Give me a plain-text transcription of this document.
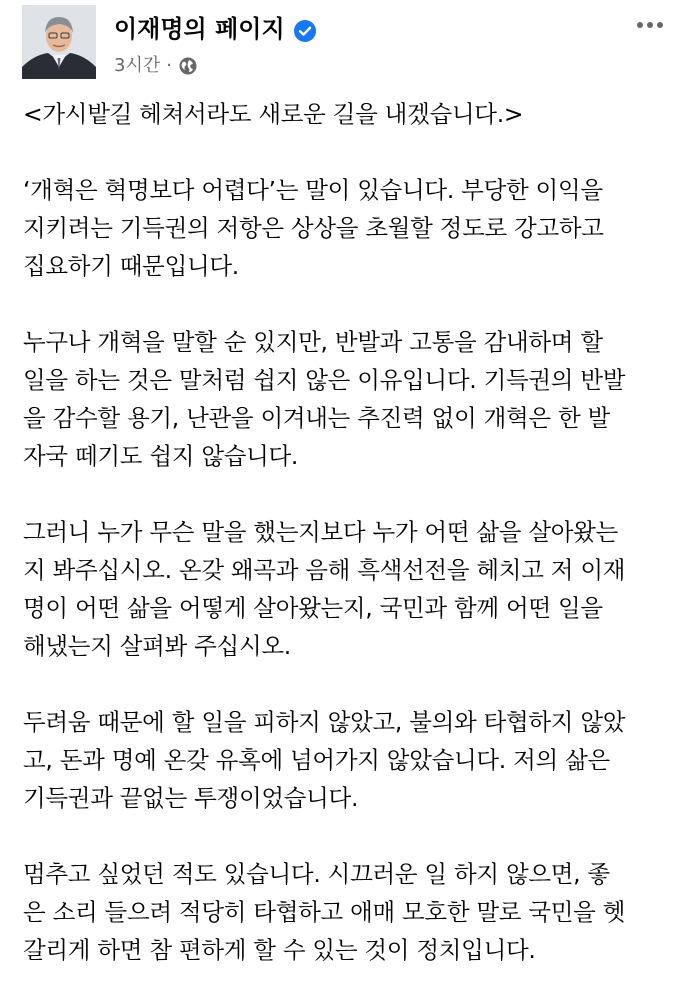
이재명의 페이지
3시간 ·

<가시밭길 헤쳐서라도 새로운 길을 내겠습니다.>

‘개혁은 혁명보다 어렵다’는 말이 있습니다. 부당한 이익을
지키려는 기득권의 저항은 상상을 초월할 정도로 강고하고
집요하기 때문입니다.

누구나 개혁을 말할 순 있지만, 반발과 고통을 감내하며 할
일을 하는 것은 말처럼 쉽지 않은 이유입니다. 기득권의 반발
을 감수할 용기, 난관을 이겨내는 추진력 없이 개혁은 한 발
자국 떼기도 쉽지 않습니다.

그러니 누가 무슨 말을 했는지보다 누가 어떤 삶을 살아왔는
지 봐주십시오. 온갖 왜곡과 음해 흑색선전을 헤치고 저 이재
명이 어떤 삶을 어떻게 살아왔는지, 국민과 함께 어떤 일을
해냈는지 살펴봐 주십시오.

두려움 때문에 할 일을 피하지 않았고, 불의와 타협하지 않았
고, 돈과 명예 온갖 유혹에 넘어가지 않았습니다. 저의 삶은
기득권과 끝없는 투쟁이었습니다.

멈추고 싶었던 적도 있습니다. 시끄러운 일 하지 않으면, 좋
은 소리 들으려 적당히 타협하고 애매 모호한 말로 국민을 헷
갈리게 하면 참 편하게 할 수 있는 것이 정치입니다.
